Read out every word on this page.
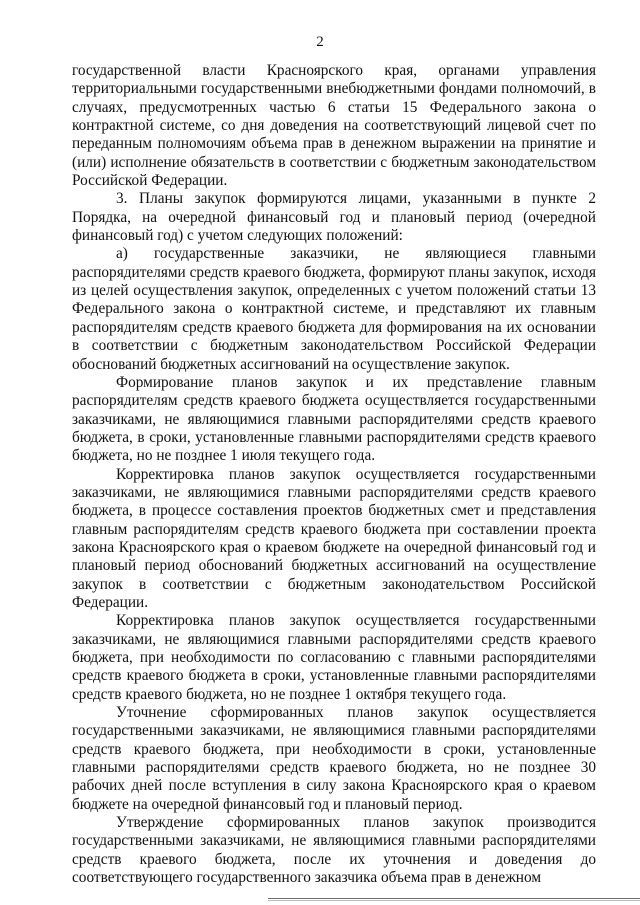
2

государственной власти Красноярского края, органами управления территориальными государственными внебюджетными фондами полномочий, в случаях, предусмотренных частью 6 статьи 15 Федерального закона о контрактной системе, со дня доведения на соответствующий лицевой счет по переданным полномочиям объема прав в денежном выражении на принятие и (или) исполнение обязательств в соответствии с бюджетным законодательством Российской Федерации.

3. Планы закупок формируются лицами, указанными в пункте 2 Порядка, на очередной финансовый год и плановый период (очередной финансовый год) с учетом следующих положений:

а) государственные заказчики, не являющиеся главными распорядителями средств краевого бюджета, формируют планы закупок, исходя из целей осуществления закупок, определенных с учетом положений статьи 13 Федерального закона о контрактной системе, и представляют их главным распорядителям средств краевого бюджета для формирования на их основании в соответствии с бюджетным законодательством Российской Федерации обоснований бюджетных ассигнований на осуществление закупок.

Формирование планов закупок и их представление главным распорядителям средств краевого бюджета осуществляется государственными заказчиками, не являющимися главными распорядителями средств краевого бюджета, в сроки, установленные главными распорядителями средств краевого бюджета, но не позднее 1 июля текущего года.

Корректировка планов закупок осуществляется государственными заказчиками, не являющимися главными распорядителями средств краевого бюджета, в процессе составления проектов бюджетных смет и представления главным распорядителям средств краевого бюджета при составлении проекта закона Красноярского края о краевом бюджете на очередной финансовый год и плановый период обоснований бюджетных ассигнований на осуществление закупок в соответствии с бюджетным законодательством Российской Федерации.

Корректировка планов закупок осуществляется государственными заказчиками, не являющимися главными распорядителями средств краевого бюджета, при необходимости по согласованию с главными распорядителями средств краевого бюджета в сроки, установленные главными распорядителями средств краевого бюджета, но не позднее 1 октября текущего года.

Уточнение сформированных планов закупок осуществляется государственными заказчиками, не являющимися главными распорядителями средств краевого бюджета, при необходимости в сроки, установленные главными распорядителями средств краевого бюджета, но не позднее 30 рабочих дней после вступления в силу закона Красноярского края о краевом бюджете на очередной финансовый год и плановый период.

Утверждение сформированных планов закупок производится государственными заказчиками, не являющимися главными распорядителями средств краевого бюджета, после их уточнения и доведения до соответствующего государственного заказчика объема прав в денежном
